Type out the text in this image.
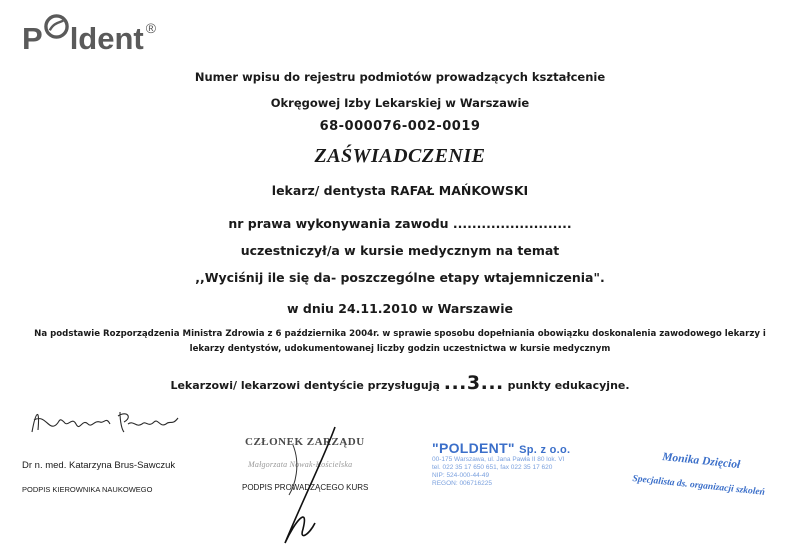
P ldent ®
Numer wpisu do rejestru podmiotów prowadzących kształcenie
Okręgowej Izby Lekarskiej w Warszawie
68-000076-002-0019
ZAŚWIADCZENIE
lekarz/ dentysta RAFAŁ MAŃKOWSKI
nr prawa wykonywania zawodu .........................
uczestniczył/a w kursie medycznym na temat
,,Wyciśnij ile się da- poszczególne etapy wtajemniczenia".
w dniu 24.11.2010 w Warszawie
Na podstawie Rozporządzenia Ministra Zdrowia z 6 października 2004r. w sprawie sposobu dopełniania obowiązku doskonalenia zawodowego lekarzy i
lekarzy dentystów, udokumentowanej liczby godzin uczestnictwa w kursie medycznym
Lekarzowi/ lekarzowi dentyście przysługują ...3... punkty edukacyjne.
Dr n. med. Katarzyna Brus-Sawczuk
PODPIS KIEROWNIKA NAUKOWEGO
CZŁONEK ZARZĄDU
Małgorzata Nowak-Kościelska
PODPIS PROWADZĄCEGO KURS
"POLDENT" Sp. z o.o.
00-175 Warszawa, ul. Jana Pawła II 80 lok. VI
tel. 022 35 17 650 651, fax 022 35 17 620
NIP: 524-000-44-49
REGON: 006716225
Monika Dzięcioł
Specjalista ds. organizacji szkoleń
